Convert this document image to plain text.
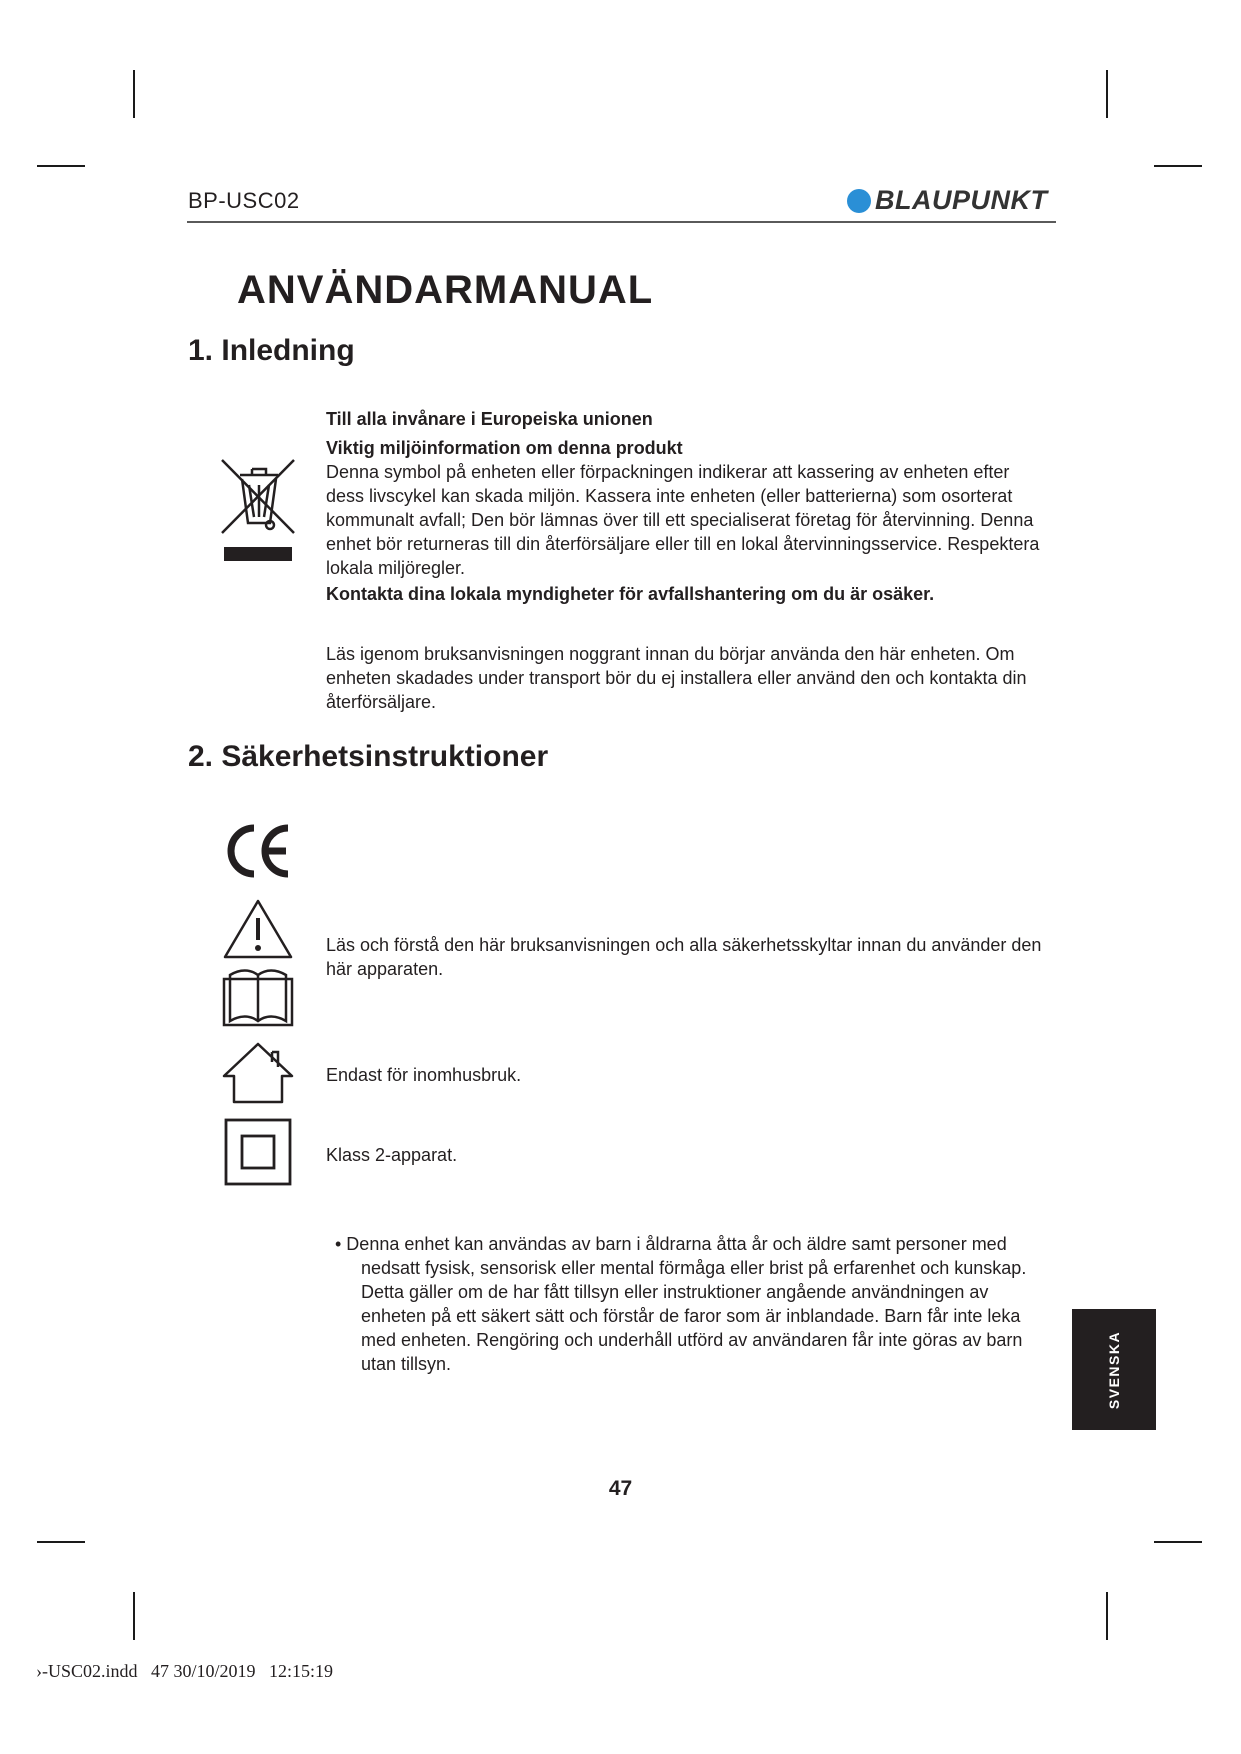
BP-USC02	BLAUPUNKT
ANVÄNDARMANUAL
1. Inledning
Till alla invånare i Europeiska unionen
Viktig miljöinformation om denna produkt
Denna symbol på enheten eller förpackningen indikerar att kassering av enheten efter
dess livscykel kan skada miljön. Kassera inte enheten (eller batterierna) som osorterat
kommunalt avfall; Den bör lämnas över till ett specialiserat företag för återvinning. Denna
enhet bör returneras till din återförsäljare eller till en lokal återvinningsservice. Respektera
lokala miljöregler.
Kontakta dina lokala myndigheter för avfallshantering om du är osäker.
Läs igenom bruksanvisningen noggrant innan du börjar använda den här enheten. Om
enheten skadades under transport bör du ej installera eller använd den och kontakta din
återförsäljare.
2. Säkerhetsinstruktioner
Läs och förstå den här bruksanvisningen och alla säkerhetsskyltar innan du använder den
här apparaten.
Endast för inomhusbruk.
Klass 2-apparat.
• Denna enhet kan användas av barn i åldrarna åtta år och äldre samt personer med
nedsatt fysisk, sensorisk eller mental förmåga eller brist på erfarenhet och kunskap.
Detta gäller om de har fått tillsyn eller instruktioner angående användningen av
enheten på ett säkert sätt och förstår de faror som är inblandade. Barn får inte leka
med enheten. Rengöring och underhåll utförd av användaren får inte göras av barn
utan tillsyn.	SVENSKA
47
›-USC02.indd   47 30/10/2019   12:15:19
